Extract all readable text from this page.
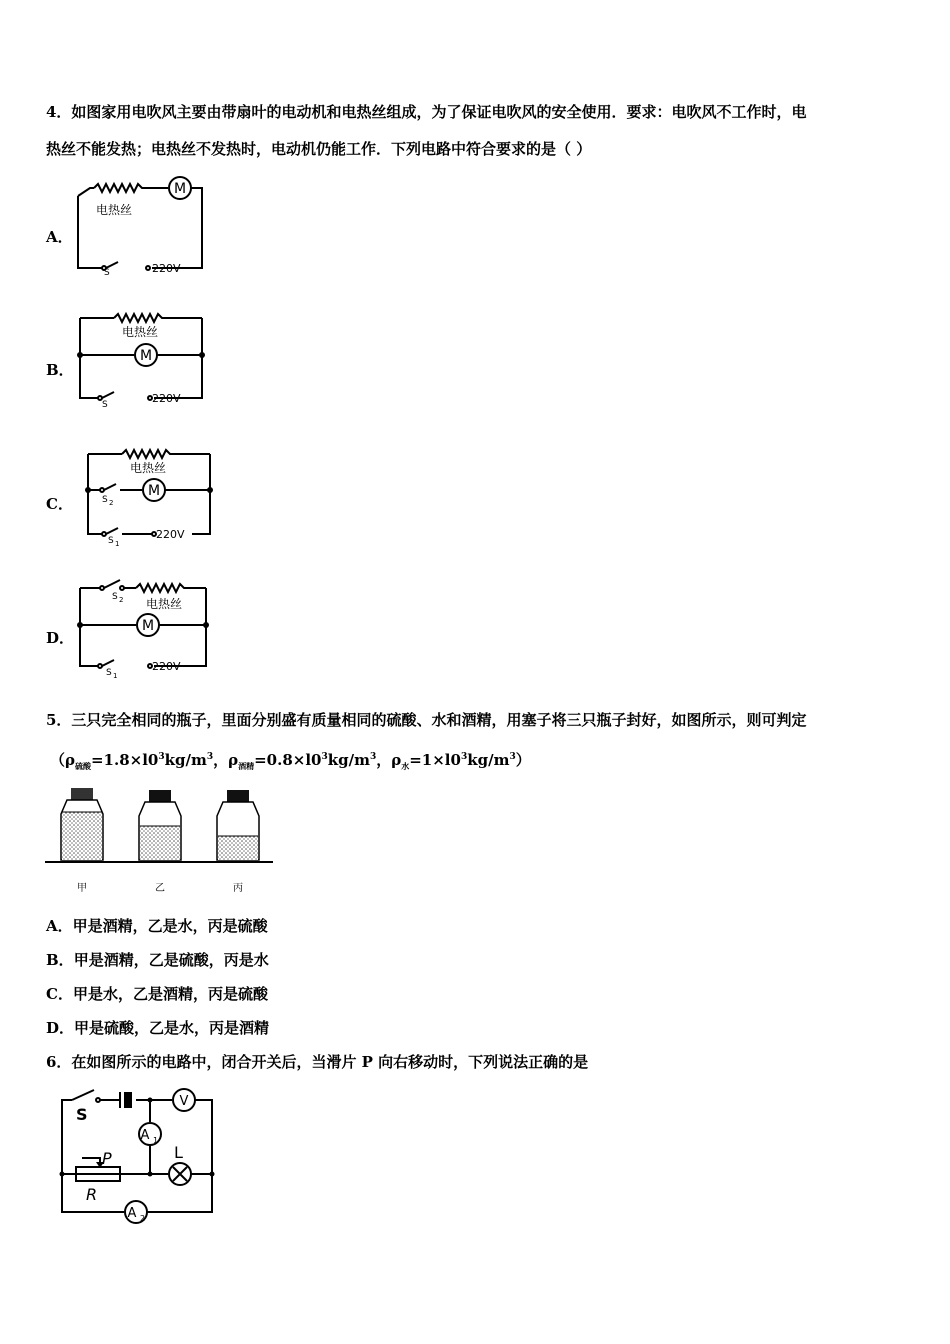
4．如图家用电吹风主要由带扇叶的电动机和电热丝组成，为了保证电吹风的安全使用．要求：电吹风不工作时，电
热丝不能发热；电热丝不发热时，电动机仍能工作．下列电路中符合要求的是（ ）
A．
M
电热丝
S	220V
B．
电热丝
M
S	220V
C．
电热丝
M
S 2
S 1
220V
D．
S 2 电热丝
M
S 1
220V
5．三只完全相同的瓶子，里面分别盛有质量相同的硫酸、水和酒精，用塞子将三只瓶子封好，如图所示，则可判定
（$\rho_{硫酸}=1.8\times l0^3kg/m^3$，$\rho_{酒精}=0.8\times l0^3kg/m^3$，$\rho_水=1\times l0^3kg/m^3$）
甲	乙	丙
A．甲是酒精，乙是水，丙是硫酸
B．甲是酒精，乙是硫酸，丙是水
C．甲是水，乙是酒精，丙是硫酸
D．甲是硫酸，乙是水，丙是酒精
6．在如图所示的电路中，闭合开关后，当滑片 P 向右移动时，下列说法正确的是
S
V
A 1
L
P
R
A 2
